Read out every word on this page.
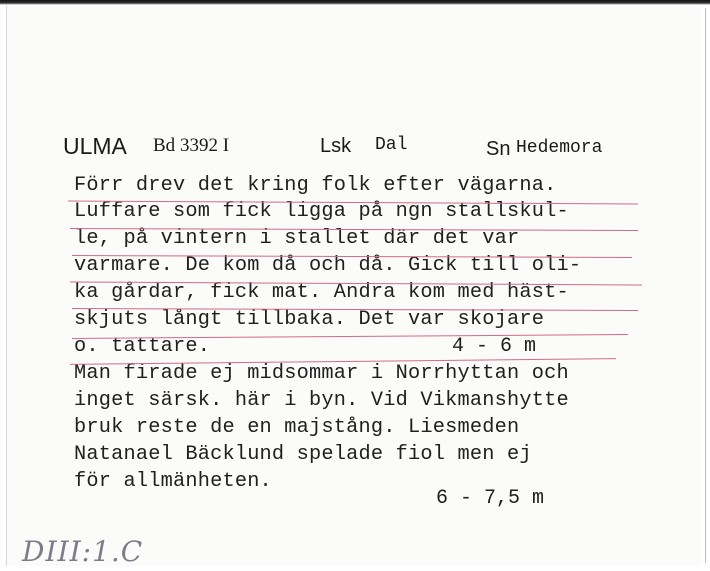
ULMA Bd 3392 I	Lsk Dal	Sn Hedemora
Förr drev det kring folk efter vägarna.
Luffare som fick ligga på ngn stallskul-
le, på vintern i stallet där det var
varmare. De kom då och då. Gick till oli-
ka gårdar, fick mat. Andra kom med häst-
skjuts långt tillbaka. Det var skojare
o. tattare.
Man firade ej midsommar i Norrhyttan och
inget särsk. här i byn. Vid Vikmanshytte
bruk reste de en majstång. Liesmeden
Natanael Bäcklund spelade fiol men ej
för allmänheten.
4 - 6 m
6 - 7,5 m
DIII:1.C
